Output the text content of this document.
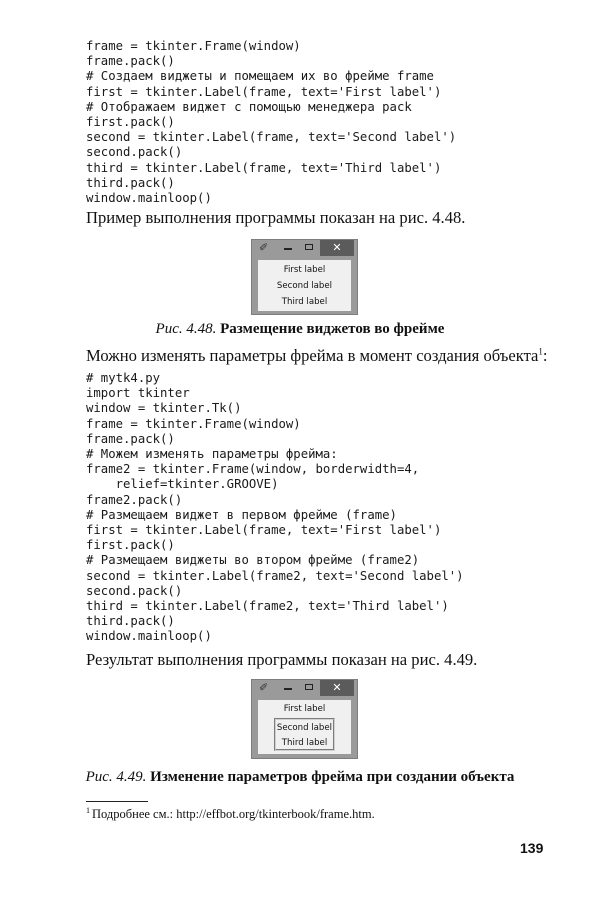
frame = tkinter.Frame(window)
frame.pack()
# Создаем виджеты и помещаем их во фрейме frame
first = tkinter.Label(frame, text='First label')
# Отображаем виджет с помощью менеджера pack
first.pack()
second = tkinter.Label(frame, text='Second label')
second.pack()
third = tkinter.Label(frame, text='Third label')
third.pack()
window.mainloop()
Пример выполнения программы показан на рис. 4.48.
✐	✕
First label
Second label
Third label
Рис. 4.48. Размещение виджетов во фрейме
Можно изменять параметры фрейма в момент создания объекта$^1$:
# mytk4.py
import tkinter
window = tkinter.Tk()
frame = tkinter.Frame(window)
frame.pack()
# Можем изменять параметры фрейма:
frame2 = tkinter.Frame(window, borderwidth=4,
relief=tkinter.GROOVE)
frame2.pack()
# Размещаем виджет в первом фрейме (frame)
first = tkinter.Label(frame, text='First label')
first.pack()
# Размещаем виджеты во втором фрейме (frame2)
second = tkinter.Label(frame2, text='Second label')
second.pack()
third = tkinter.Label(frame2, text='Third label')
third.pack()
window.mainloop()
Результат выполнения программы показан на рис. 4.49.
✐	✕
First label
Second label
Third label
Рис. 4.49. Изменение параметров фрейма при создании объекта
$^1$ Подробнее см.: http://effbot.org/tkinterbook/frame.htm.
139
